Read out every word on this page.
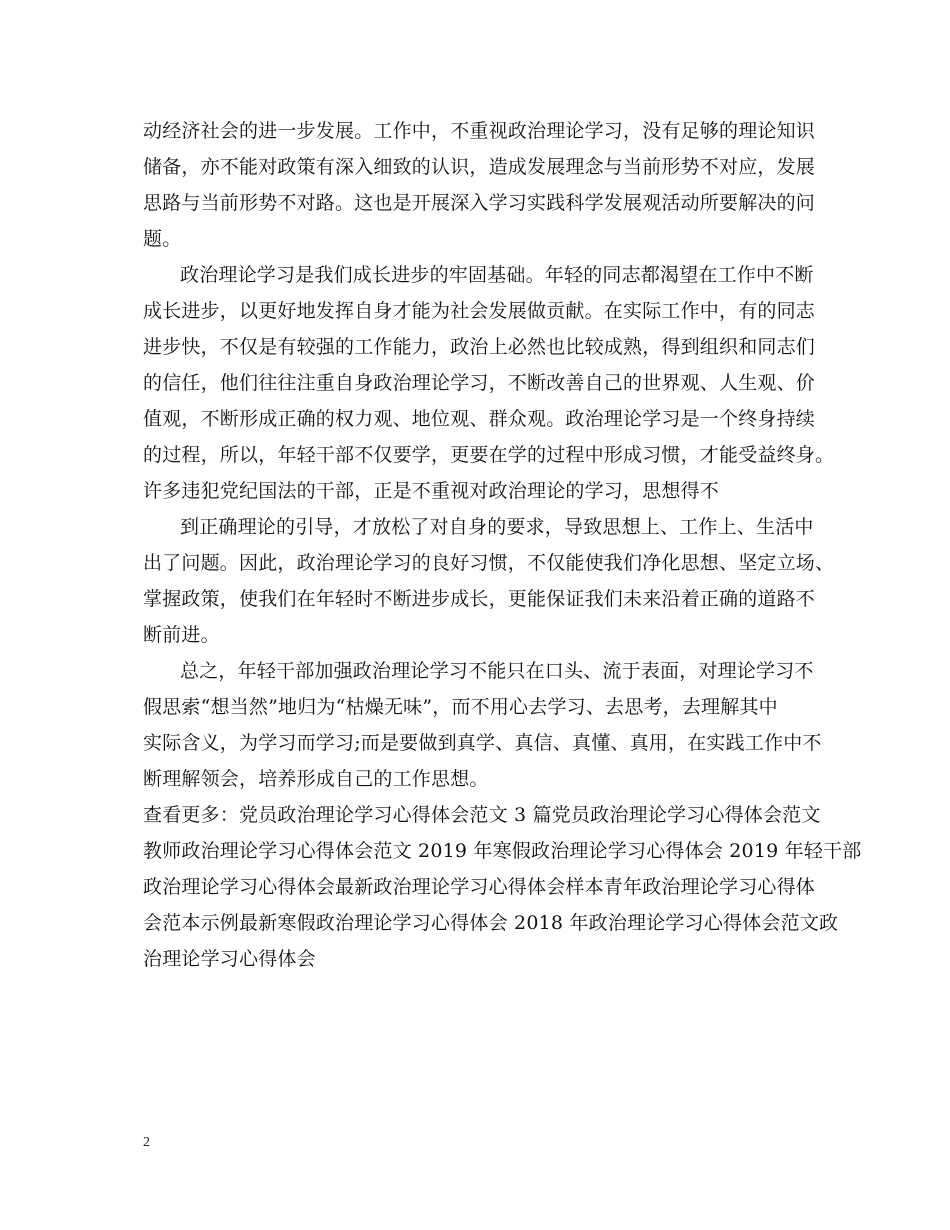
动经济社会的进一步发展。工作中，不重视政治理论学习，没有足够的理论知识
储备，亦不能对政策有深入细致的认识，造成发展理念与当前形势不对应，发展
思路与当前形势不对路。这也是开展深入学习实践科学发展观活动所要解决的问
题。
政治理论学习是我们成长进步的牢固基础。年轻的同志都渴望在工作中不断
成长进步，以更好地发挥自身才能为社会发展做贡献。在实际工作中，有的同志
进步快，不仅是有较强的工作能力，政治上必然也比较成熟，得到组织和同志们
的信任，他们往往注重自身政治理论学习，不断改善自己的世界观、人生观、价
值观，不断形成正确的权力观、地位观、群众观。政治理论学习是一个终身持续
的过程，所以，年轻干部不仅要学，更要在学的过程中形成习惯，才能受益终身。
许多违犯党纪国法的干部，正是不重视对政治理论的学习，思想得不
到正确理论的引导，才放松了对自身的要求，导致思想上、工作上、生活中
出了问题。因此，政治理论学习的良好习惯，不仅能使我们净化思想、坚定立场、
掌握政策，使我们在年轻时不断进步成长，更能保证我们未来沿着正确的道路不
断前进。
总之，年轻干部加强政治理论学习不能只在口头、流于表面，对理论学习不
假思索“想当然”地归为“枯燥无味”，而不用心去学习、去思考，去理解其中
实际含义，为学习而学习;而是要做到真学、真信、真懂、真用，在实践工作中不
断理解领会，培养形成自己的工作思想。
查看更多：党员政治理论学习心得体会范文 3 篇党员政治理论学习心得体会范文
教师政治理论学习心得体会范文 2019 年寒假政治理论学习心得体会 2019 年轻干部
政治理论学习心得体会最新政治理论学习心得体会样本青年政治理论学习心得体
会范本示例最新寒假政治理论学习心得体会 2018 年政治理论学习心得体会范文政
治理论学习心得体会
2
